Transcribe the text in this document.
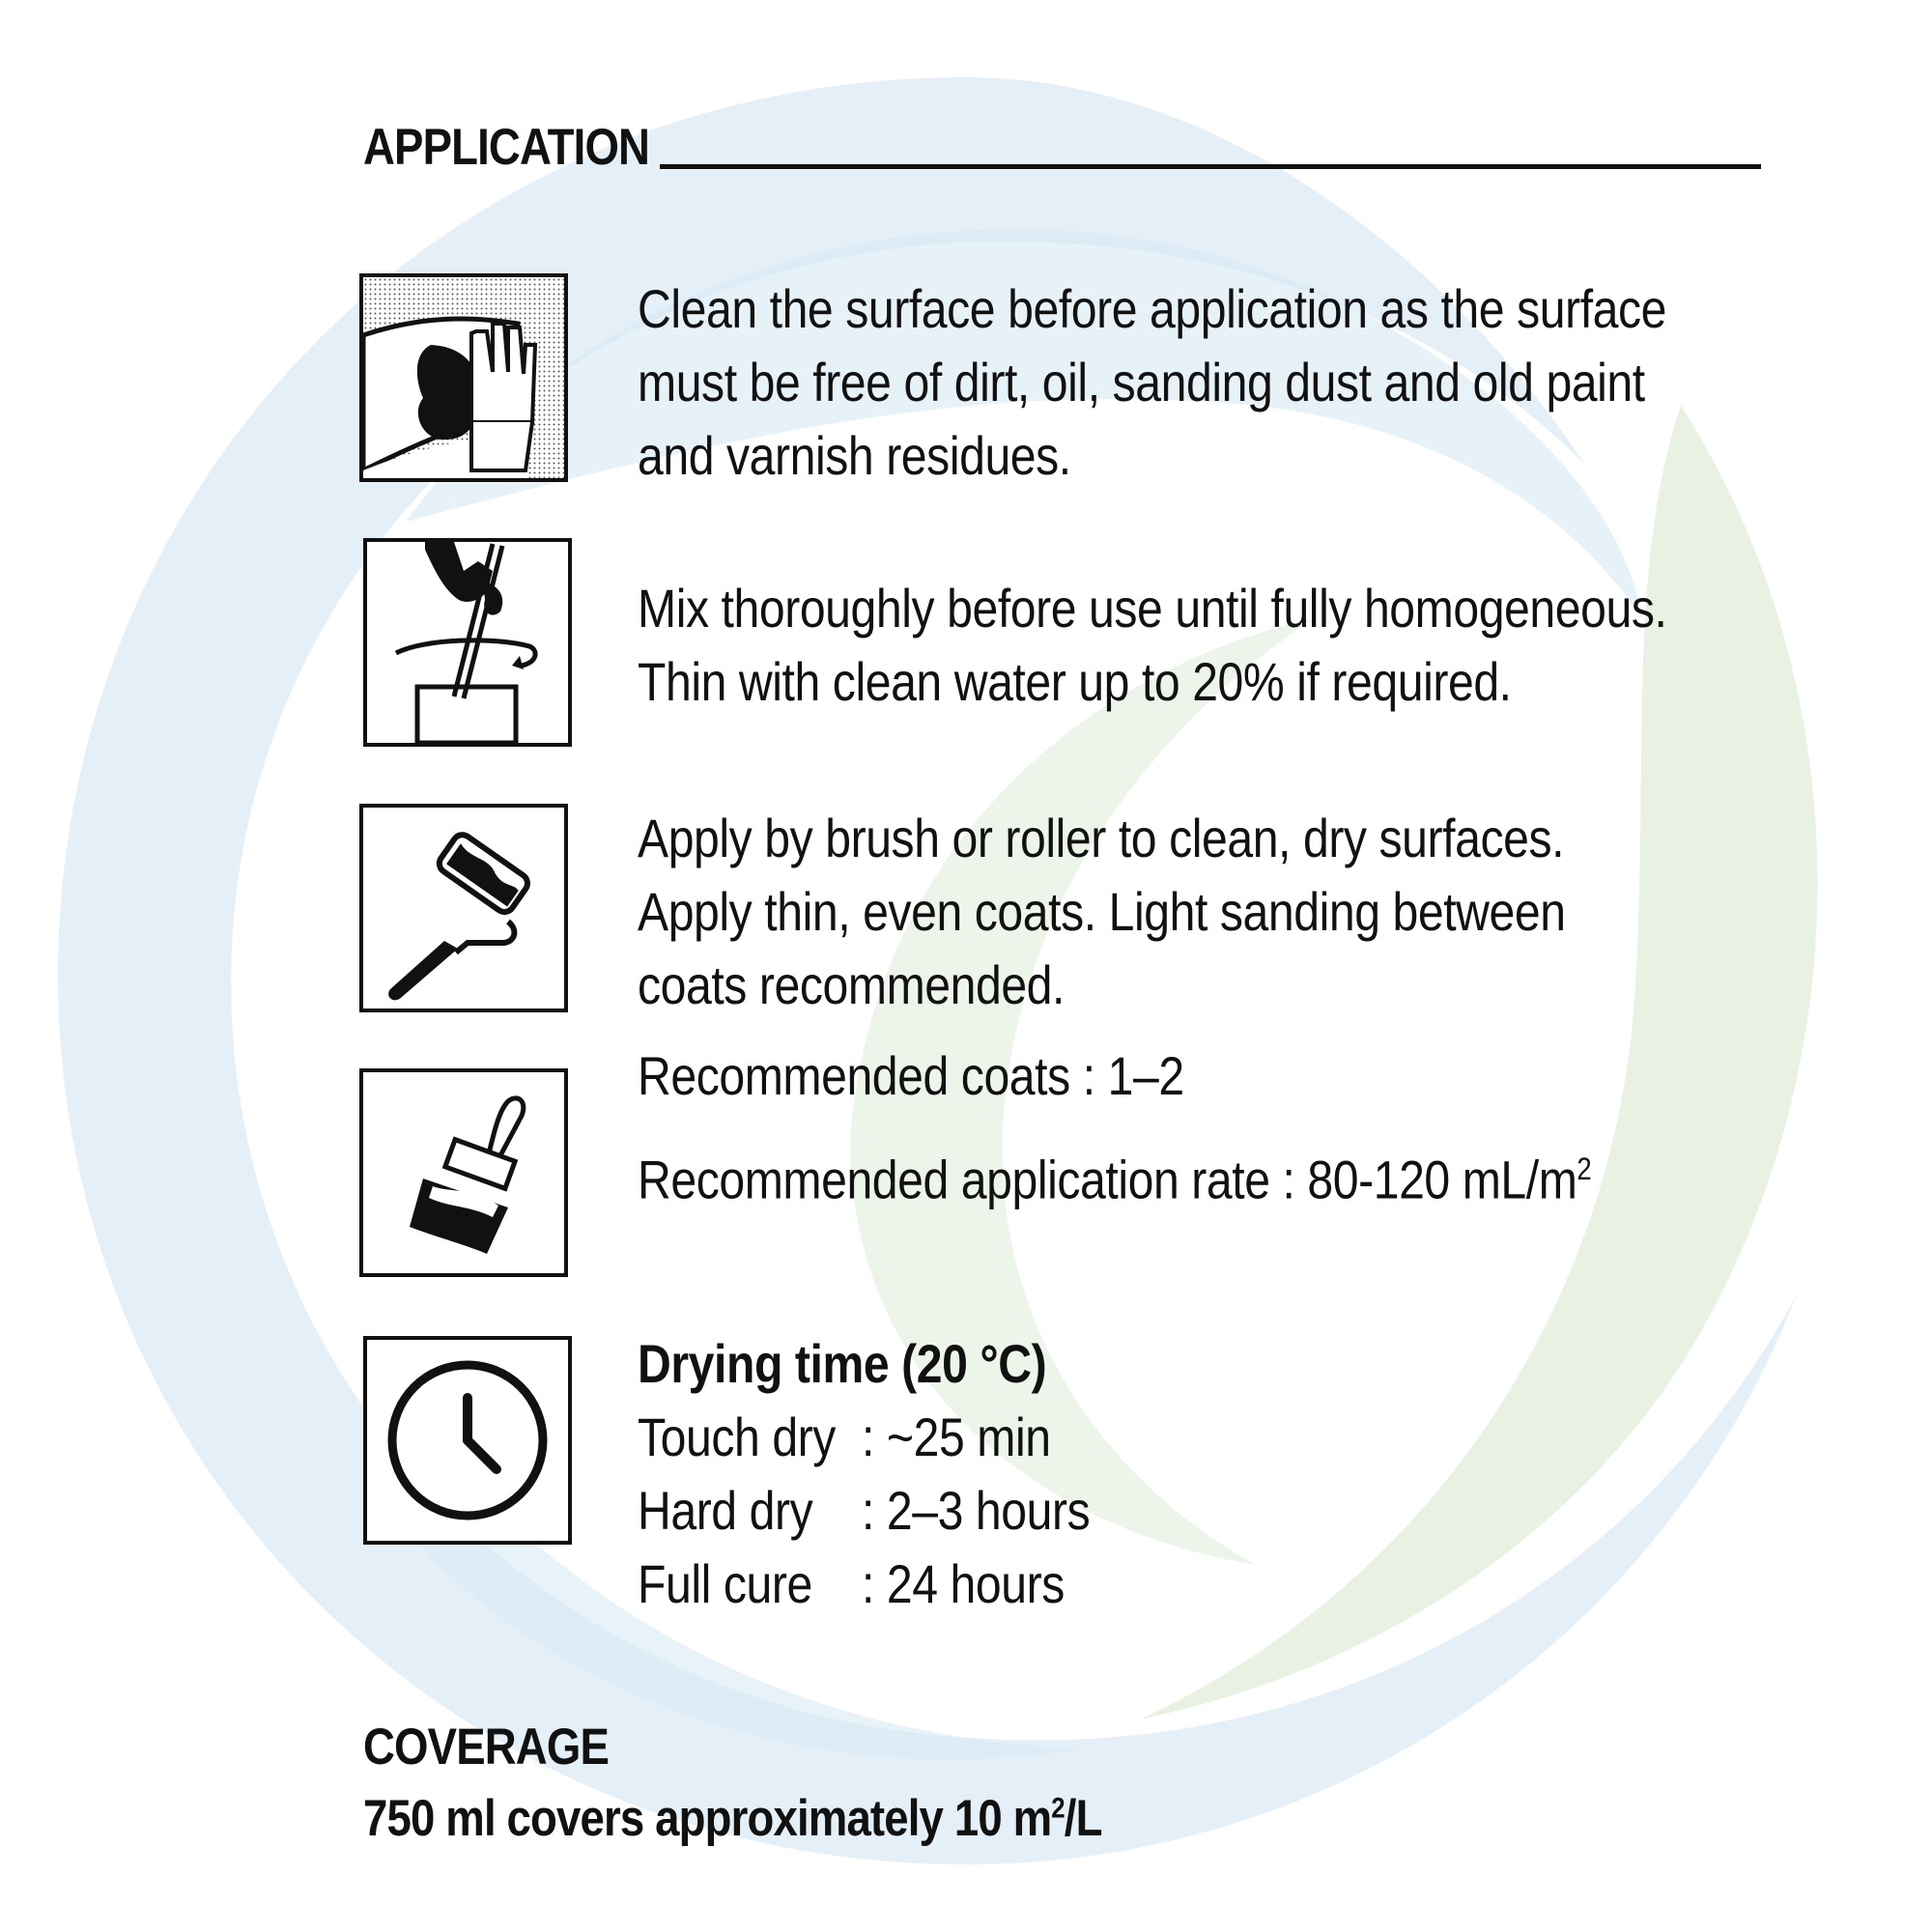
APPLICATION
Clean the surface before application as the surface
must be free of dirt, oil, sanding dust and old paint
and varnish residues.
Mix thoroughly before use until fully homogeneous.
Thin with clean water up to 20% if required.
Apply by brush or roller to clean, dry surfaces.
Apply thin, even coats. Light sanding between
coats recommended.
Recommended coats : 1–2
Recommended application rate : 80-120 $mL/m^2$
Drying time (20 °C)
Touch dry : ~25 min
Hard dry : 2–3 hours
Full cure : 24 hours
COVERAGE
750 ml covers approximately 10 $m^2/L$
